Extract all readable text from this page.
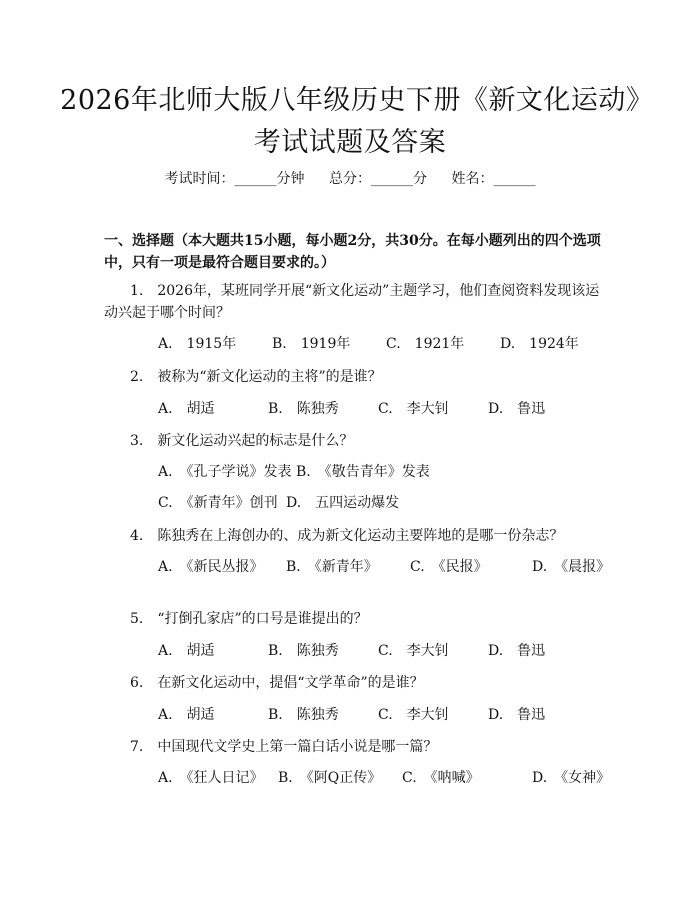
2026年北师大版八年级历史下册《新文化运动》考试试题及答案
考试时间：______分钟 总分：______分 姓名：______
一、选择题（本大题共15小题，每小题2分，共30分。在每小题列出的四个选项中，只有一项是最符合题目要求的。）
1.　2026年，某班同学开展“新文化运动”主题学习，他们查阅资料发现该运动兴起于哪个时间？
A.　1915年	B.　1919年	C.　1921年	D.　1924年
2.　被称为“新文化运动的主将”的是谁？
A.　胡适	B.　陈独秀	C.　李大钊	D.　鲁迅
3.　新文化运动兴起的标志是什么？
A.　《孔子学说》发表 B.　《敬告青年》发表
C.　《新青年》创刊 D.　五四运动爆发
4.　陈独秀在上海创办的、成为新文化运动主要阵地的是哪一份杂志？
A.　《新民丛报》 B.　《新青年》 C.　《民报》	D.　《晨报》
5.　“打倒孔家店”的口号是谁提出的？
A.　胡适	B.　陈独秀	C.　李大钊	D.　鲁迅
6.　在新文化运动中，提倡“文学革命”的是谁？
A.　胡适	B.　陈独秀	C.　李大钊	D.　鲁迅
7.　中国现代文学史上第一篇白话小说是哪一篇？
A.　《狂人日记》 B.　《阿Q正传》 C.　《呐喊》	D.　《女神》
